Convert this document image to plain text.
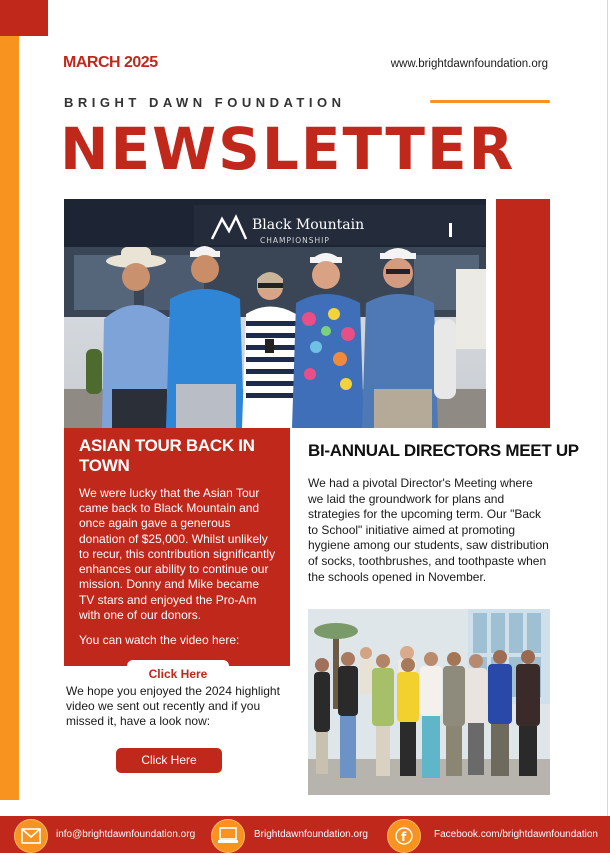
MARCH 2025	www.brightdawnfoundation.org
BRIGHT DAWN FOUNDATION
NEWSLETTER
Black Mountain
CHAMPIONSHIP
ASIAN TOUR BACK IN TOWN

We were lucky that the Asian Tour came back to Black Mountain and once again gave a generous donation of $25,000. Whilst unlikely to recur, this contribution significantly enhances our ability to continue our mission. Donny and Mike became TV stars and enjoyed the Pro-Am with one of our donors.

You can watch the video here:

Click Here
We hope you enjoyed the 2024 highlight video we sent out recently and if you missed it, have a look now:
Click Here
BI-ANNUAL DIRECTORS MEET UP
We had a pivotal Director's Meeting where we laid the groundwork for plans and strategies for the upcoming term. Our "Back to School" initiative aimed at promoting hygiene among our students, saw distribution of socks, toothbrushes, and toothpaste when the schools opened in November.
info@brightdawnfoundation.org	Brightdawnfoundation.org	f	Facebook.com/brightdawnfoundation
